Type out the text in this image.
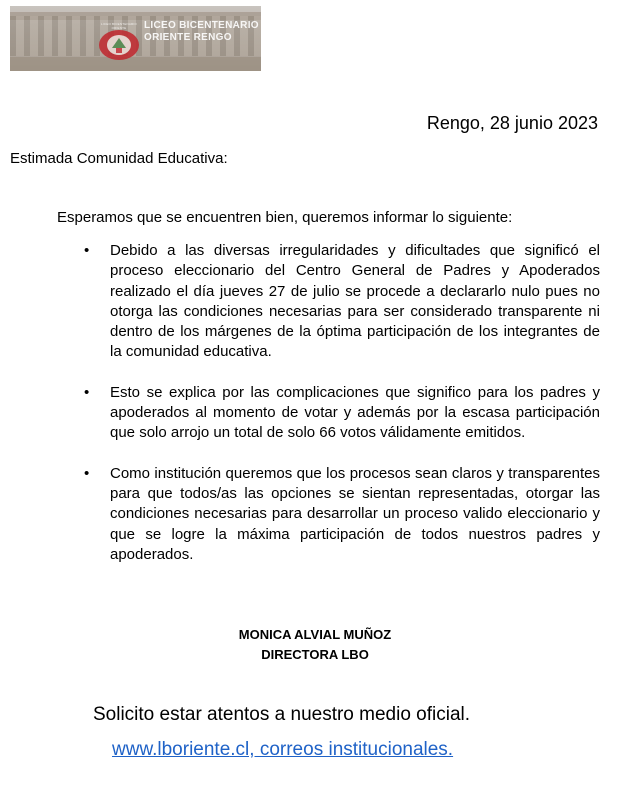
LICEO BICENTENARIO ORIENTE	LICEO BICENTENARIO
ORIENTE RENGO
Rengo, 28 junio 2023
Estimada Comunidad Educativa:
Esperamos que se encuentren bien, queremos informar lo siguiente:
• Debido a las diversas irregularidades y dificultades que significó el proceso eleccionario del Centro General de Padres y Apoderados realizado el día jueves 27 de julio se procede a declararlo nulo pues no otorga las condiciones necesarias para ser considerado transparente ni dentro de los márgenes de la óptima participación de los integrantes de la comunidad educativa.
• Esto se explica por las complicaciones que significo para los padres y apoderados al momento de votar y además por la escasa participación que solo arrojo un total de solo 66 votos válidamente emitidos.
• Como institución queremos que los procesos sean claros y transparentes para que todos/as las opciones se sientan representadas, otorgar las condiciones necesarias para desarrollar un proceso valido eleccionario y que se logre la máxima participación de todos nuestros padres y apoderados.
MONICA ALVIAL MUÑOZ
DIRECTORA LBO
Solicito estar atentos a nuestro medio oficial.
www.lboriente.cl, correos institucionales.
